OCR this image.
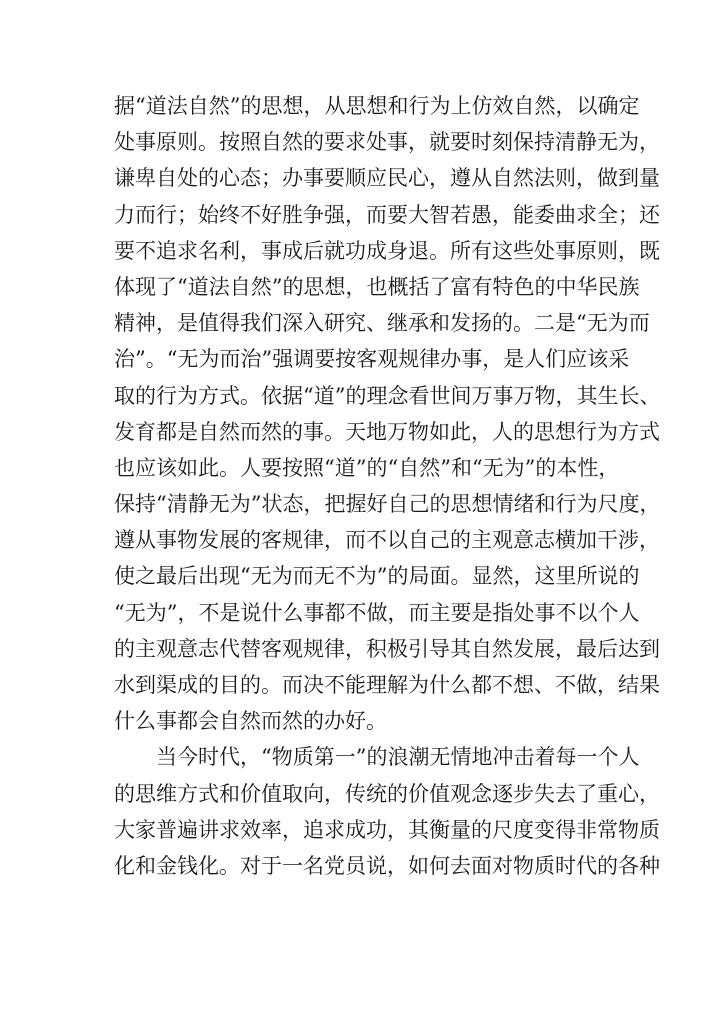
据“道法自然”的思想，从思想和行为上仿效自然，以确定
处事原则。按照自然的要求处事，就要时刻保持清静无为，
谦卑自处的心态；办事要顺应民心，遵从自然法则，做到量
力而行；始终不好胜争强，而要大智若愚，能委曲求全；还
要不追求名利，事成后就功成身退。所有这些处事原则，既
体现了“道法自然”的思想，也概括了富有特色的中华民族
精神，是值得我们深入研究、继承和发扬的。二是“无为而
治”。“无为而治”强调要按客观规律办事，是人们应该采
取的行为方式。依据“道”的理念看世间万事万物，其生长、
发育都是自然而然的事。天地万物如此，人的思想行为方式
也应该如此。人要按照“道”的“自然”和“无为”的本性，
保持“清静无为”状态，把握好自己的思想情绪和行为尺度，
遵从事物发展的客规律，而不以自己的主观意志横加干涉，
使之最后出现“无为而无不为”的局面。显然，这里所说的
“无为”，不是说什么事都不做，而主要是指处事不以个人
的主观意志代替客观规律，积极引导其自然发展，最后达到
水到渠成的目的。而决不能理解为什么都不想、不做，结果
什么事都会自然而然的办好。
　　当今时代，“物质第一”的浪潮无情地冲击着每一个人
的思维方式和价值取向，传统的价值观念逐步失去了重心，
大家普遍讲求效率，追求成功，其衡量的尺度变得非常物质
化和金钱化。对于一名党员说，如何去面对物质时代的各种
